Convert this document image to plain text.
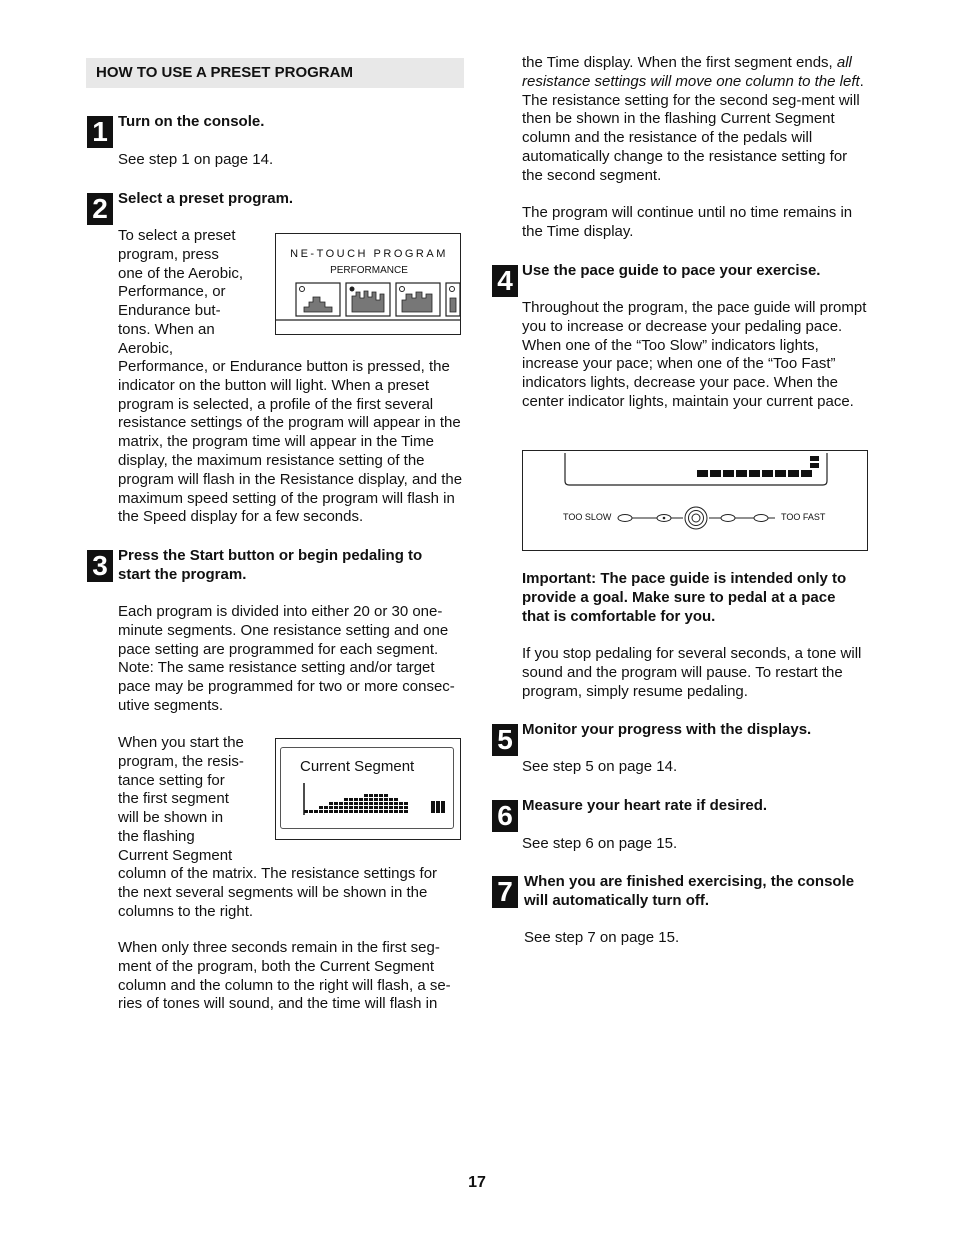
HOW TO USE A PRESET PROGRAM
1 Turn on the console.
See step 1 on page 14.
2 Select a preset program.
To select a preset
program, press
one of the Aerobic,
Performance, or
Endurance but-
tons. When an
Aerobic,
Performance, or Endurance button is pressed, the indicator on the button will light. When a preset program is selected, a profile of the first several resistance settings of the program will appear in the matrix, the program time will appear in the Time display, the maximum resistance setting of the program will flash in the Resistance display, and the maximum speed setting of the program will flash in the Speed display for a few seconds.
NE-TOUCH PROGRAM
PERFORMANCE
3 Press the Start button or begin pedaling to start the program.
Each program is divided into either 20 or 30 one-minute segments. One resistance setting and one pace setting are programmed for each segment. Note: The same resistance setting and/or target pace may be programmed for two or more consec-utive segments.
When you start the
program, the resis-
tance setting for
the first segment
will be shown in
the flashing
Current Segment
column of the matrix. The resistance settings for the next several segments will be shown in the columns to the right.
When only three seconds remain in the first seg-ment of the program, both the Current Segment column and the column to the right will flash, a se-ries of tones will sound, and the time will flash in
Current Segment
the Time display. When the first segment ends, all resistance settings will move one column to the left. The resistance setting for the second seg-ment will then be shown in the flashing Current Segment column and the resistance of the pedals will automatically change to the resistance setting for the second segment.
The program will continue until no time remains in the Time display.
4 Use the pace guide to pace your exercise.
Throughout the program, the pace guide will prompt you to increase or decrease your pedaling pace. When one of the “Too Slow” indicators lights, increase your pace; when one of the “Too Fast” indicators lights, decrease your pace. When the center indicator lights, maintain your current pace.
TOO SLOW	TOO FAST
Important: The pace guide is intended only to provide a goal. Make sure to pedal at a pace that is comfortable for you.
If you stop pedaling for several seconds, a tone will sound and the program will pause. To restart the program, simply resume pedaling.
5 Monitor your progress with the displays.
See step 5 on page 14.
6 Measure your heart rate if desired.
See step 6 on page 15.
7 When you are finished exercising, the console will automatically turn off.
See step 7 on page 15.
17
